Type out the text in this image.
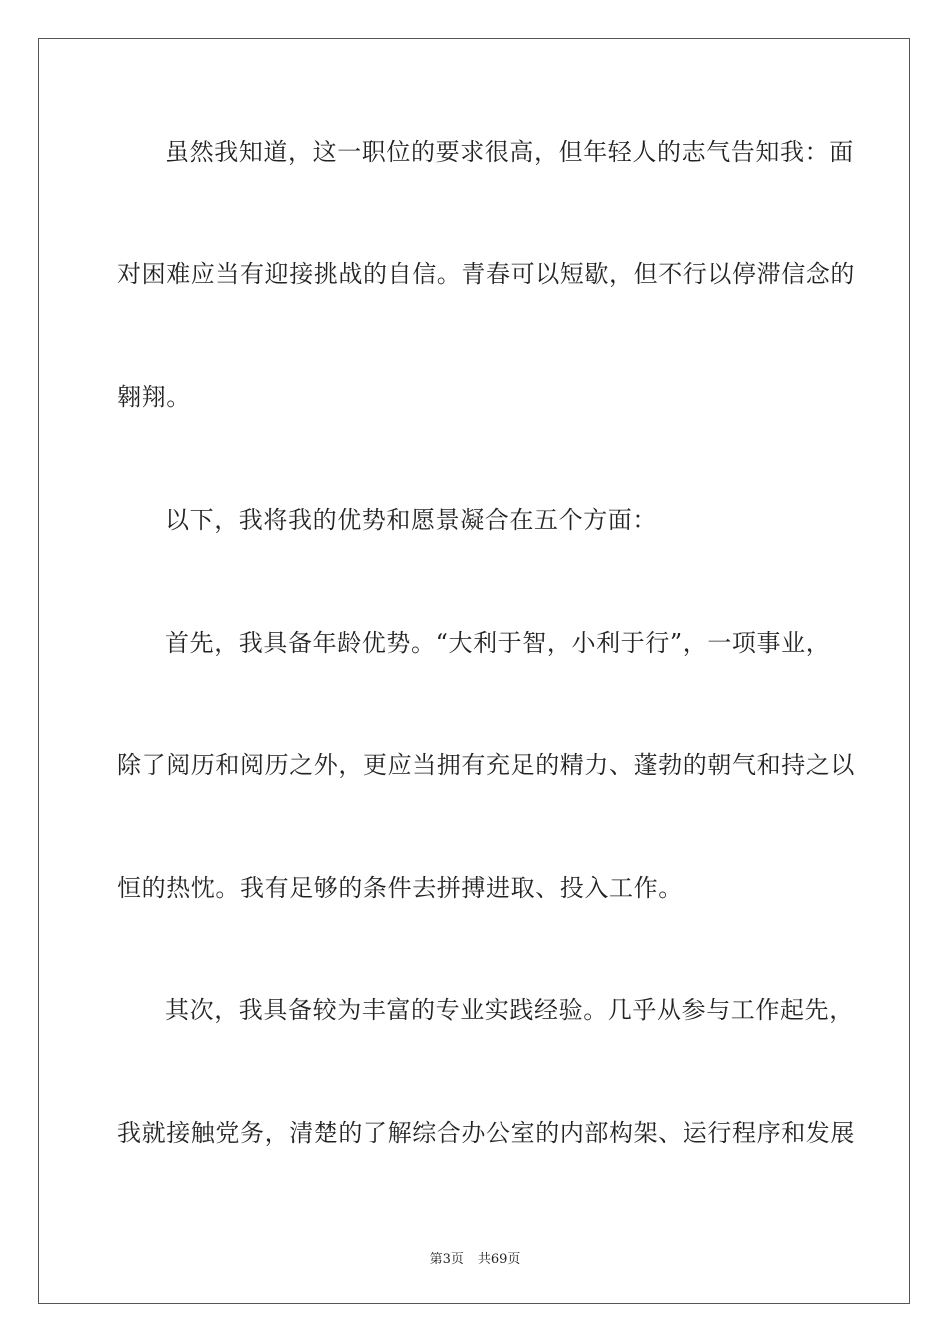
虽然我知道，这一职位的要求很高，但年轻人的志气告知我：面
对困难应当有迎接挑战的自信。青春可以短歇，但不行以停滞信念的
翱翔。
以下，我将我的优势和愿景凝合在五个方面：
首先，我具备年龄优势。“大利于智，小利于行”，一项事业，
除了阅历和阅历之外，更应当拥有充足的精力、蓬勃的朝气和持之以
恒的热忱。我有足够的条件去拼搏进取、投入工作。
其次，我具备较为丰富的专业实践经验。几乎从参与工作起先，
我就接触党务，清楚的了解综合办公室的内部构架、运行程序和发展
第3页 共69页
